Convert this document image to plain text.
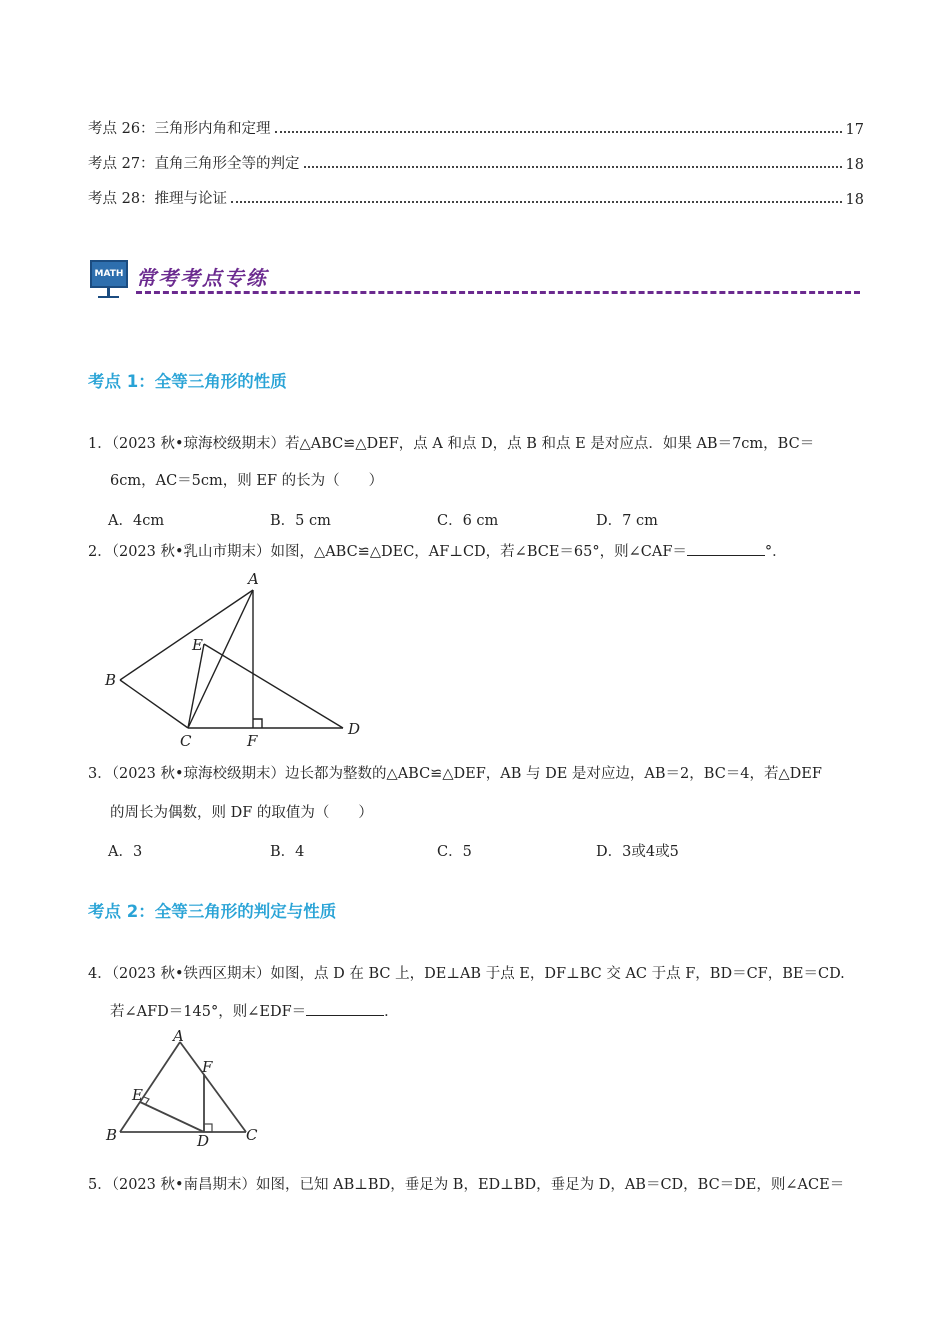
考点 26：三角形内角和定理	17
考点 27：直角三角形全等的判定	18
考点 28：推理与论证	18
MATH 常考考点专练
考点 1：全等三角形的性质
1．（2023 秋•琼海校级期末）若△ABC≌△DEF，点 A 和点 D，点 B 和点 E 是对应点．如果 AB＝7cm，BC＝
6cm，AC＝5cm，则 EF 的长为（　　）
A．4cm	B．5 cm	C．6 cm	D．7 cm
2．（2023 秋•乳山市期末）如图，△ABC≌△DEC，AF⊥CD，若∠BCE＝65°，则∠CAF＝	°．
A
B
C
D
E
F
3．（2023 秋•琼海校级期末）边长都为整数的△ABC≌△DEF，AB 与 DE 是对应边，AB＝2，BC＝4，若△DEF
的周长为偶数，则 DF 的取值为（　　）
A．3	B．4	C．5	D．3或4或5
考点 2：全等三角形的判定与性质
4．（2023 秋•铁西区期末）如图，点 D 在 BC 上，DE⊥AB 于点 E，DF⊥BC 交 AC 于点 F，BD＝CF，BE＝CD.
若∠AFD＝145°，则∠EDF＝	．
A
B	C
D
E
F
5．（2023 秋•南昌期末）如图，已知 AB⊥BD，垂足为 B，ED⊥BD，垂足为 D，AB＝CD，BC＝DE，则∠ACE＝
